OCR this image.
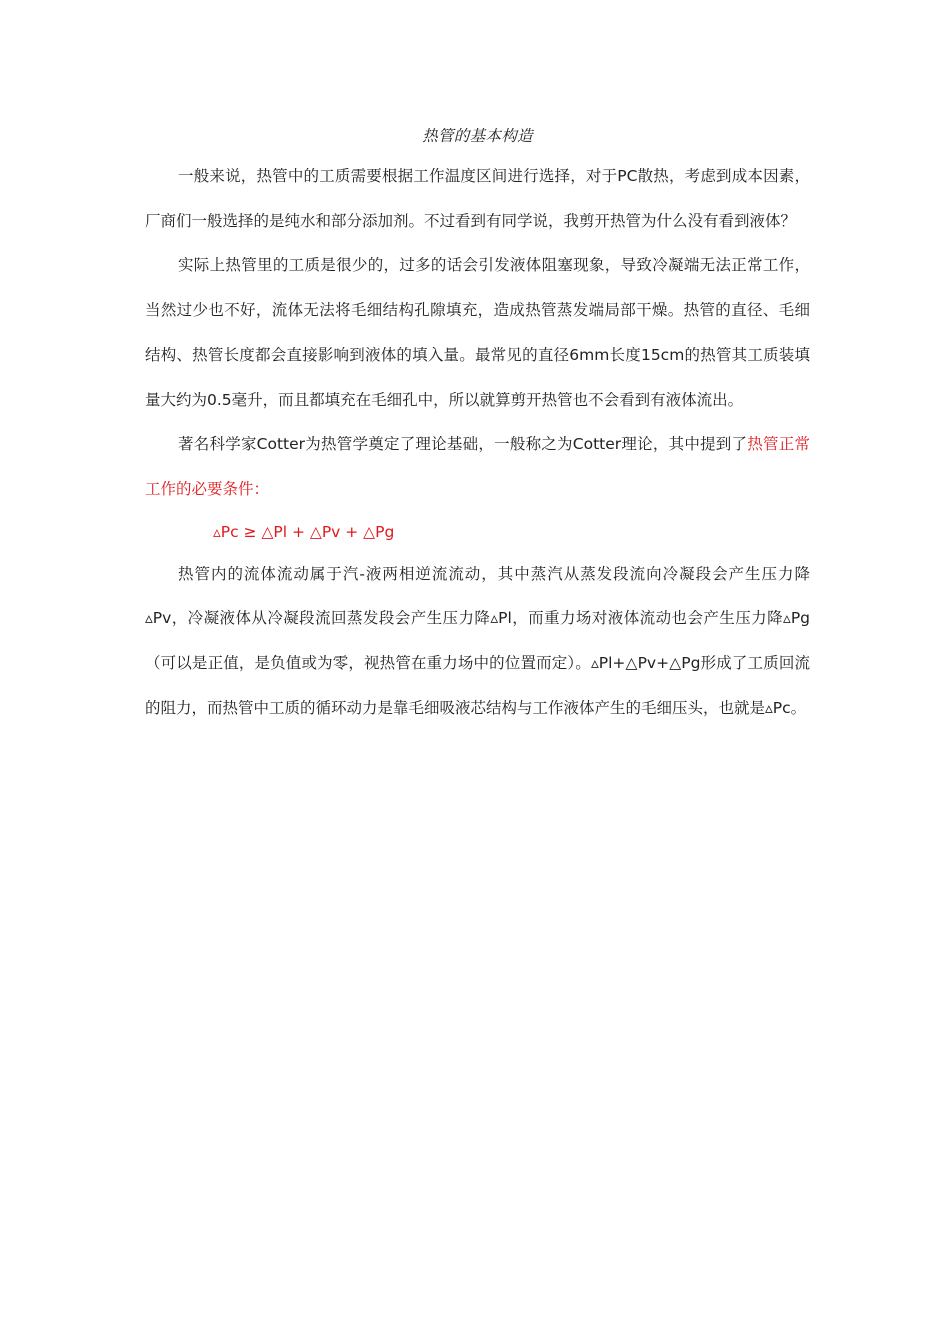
热管的基本构造

一般来说，热管中的工质需要根据工作温度区间进行选择，对于PC散热，考虑到成本因素，厂商们一般选择的是纯水和部分添加剂。不过看到有同学说，我剪开热管为什么没有看到液体？

实际上热管里的工质是很少的，过多的话会引发液体阻塞现象，导致冷凝端无法正常工作，当然过少也不好，流体无法将毛细结构孔隙填充，造成热管蒸发端局部干燥。热管的直径、毛细结构、热管长度都会直接影响到液体的填入量。最常见的直径6mm长度15cm的热管其工质装填量大约为0.5毫升，而且都填充在毛细孔中，所以就算剪开热管也不会看到有液体流出。

著名科学家Cotter为热管学奠定了理论基础，一般称之为Cotter理论，其中提到了热管正常工作的必要条件：

▵Pc ≥ △Pl + △Pv + △Pg

热管内的流体流动属于汽-液两相逆流流动，其中蒸汽从蒸发段流向冷凝段会产生压力降▵Pv，冷凝液体从冷凝段流回蒸发段会产生压力降▵Pl，而重力场对液体流动也会产生压力降▵Pg（可以是正值，是负值或为零，视热管在重力场中的位置而定）。▵Pl+△Pv+△Pg形成了工质回流的阻力，而热管中工质的循环动力是靠毛细吸液芯结构与工作液体产生的毛细压头，也就是▵Pc。
